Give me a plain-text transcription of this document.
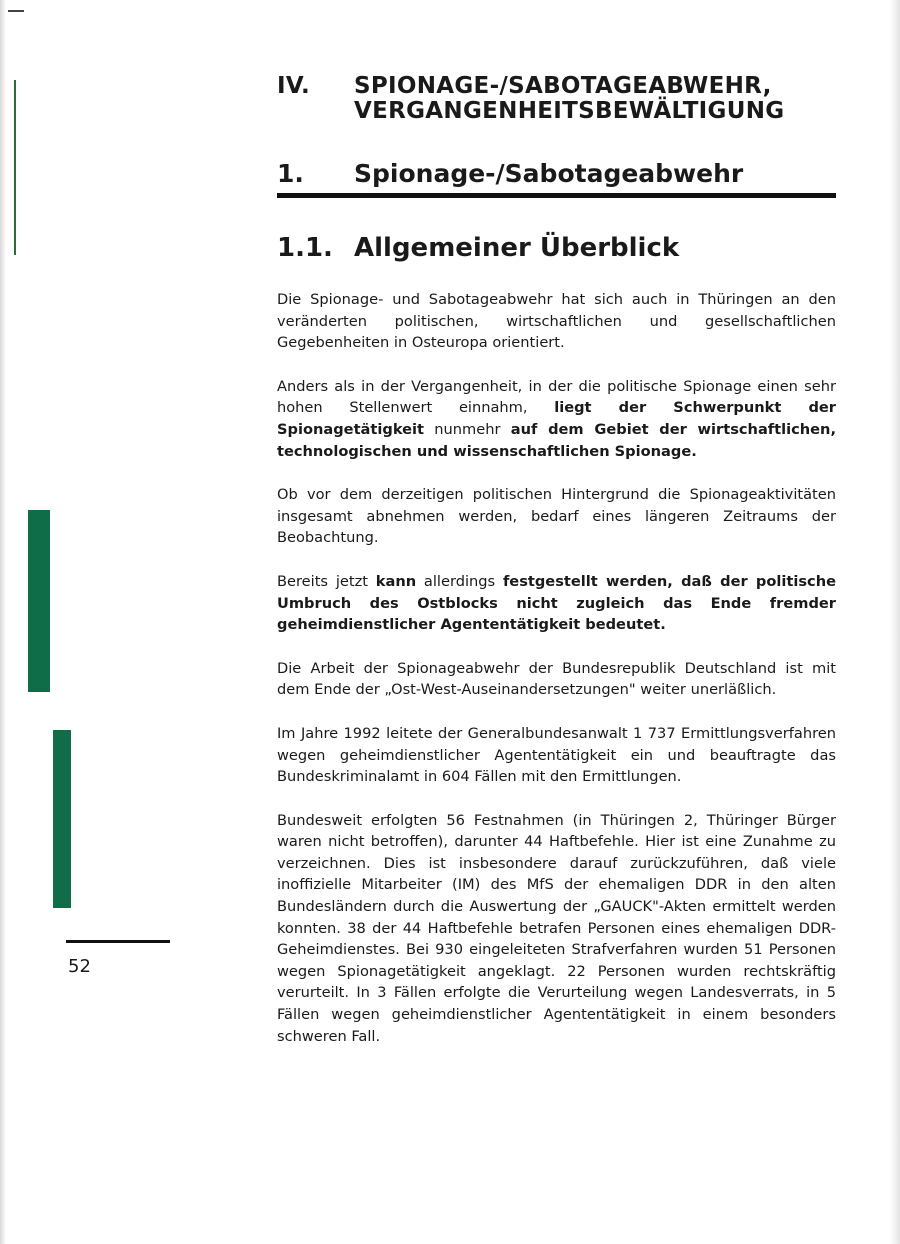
IV. SPIONAGE-/SABOTAGEABWEHR, VERGANGENHEITSBEWÄLTIGUNG
1. Spionage-/Sabotageabwehr
1.1. Allgemeiner Überblick

Die Spionage- und Sabotageabwehr hat sich auch in Thüringen an den veränderten politischen, wirtschaftlichen und gesellschaftlichen Gegebenheiten in Osteuropa orientiert.

Anders als in der Vergangenheit, in der die politische Spionage einen sehr hohen Stellenwert einnahm, liegt der Schwerpunkt der Spionagetätigkeit nunmehr auf dem Gebiet der wirtschaftlichen, technologischen und wissenschaftlichen Spionage.

Ob vor dem derzeitigen politischen Hintergrund die Spionageaktivitäten insgesamt abnehmen werden, bedarf eines längeren Zeitraums der Beobachtung.

Bereits jetzt kann allerdings festgestellt werden, daß der politische Umbruch des Ostblocks nicht zugleich das Ende fremder geheimdienstlicher Agententätigkeit bedeutet.

Die Arbeit der Spionageabwehr der Bundesrepublik Deutschland ist mit dem Ende der „Ost-West-Auseinandersetzungen" weiter unerläßlich.

Im Jahre 1992 leitete der Generalbundesanwalt 1 737 Ermittlungsverfahren wegen geheimdienstlicher Agententätigkeit ein und beauftragte das Bundeskriminalamt in 604 Fällen mit den Ermittlungen.

Bundesweit erfolgten 56 Festnahmen (in Thüringen 2, Thüringer Bürger waren nicht betroffen), darunter 44 Haftbefehle. Hier ist eine Zunahme zu verzeichnen. Dies ist insbesondere darauf zurückzuführen, daß viele inoffizielle Mitarbeiter (IM) des MfS der ehemaligen DDR in den alten Bundesländern durch die Auswertung der „GAUCK"-Akten ermittelt werden konnten. 38 der 44 Haftbefehle betrafen Personen eines ehemaligen DDR-Geheimdienstes. Bei 930 eingeleiteten Strafverfahren wurden 51 Personen wegen Spionagetätigkeit angeklagt. 22 Personen wurden rechtskräftig verurteilt. In 3 Fällen erfolgte die Verurteilung wegen Landesverrats, in 5 Fällen wegen geheimdienstlicher Agententätigkeit in einem besonders schweren Fall.

52
